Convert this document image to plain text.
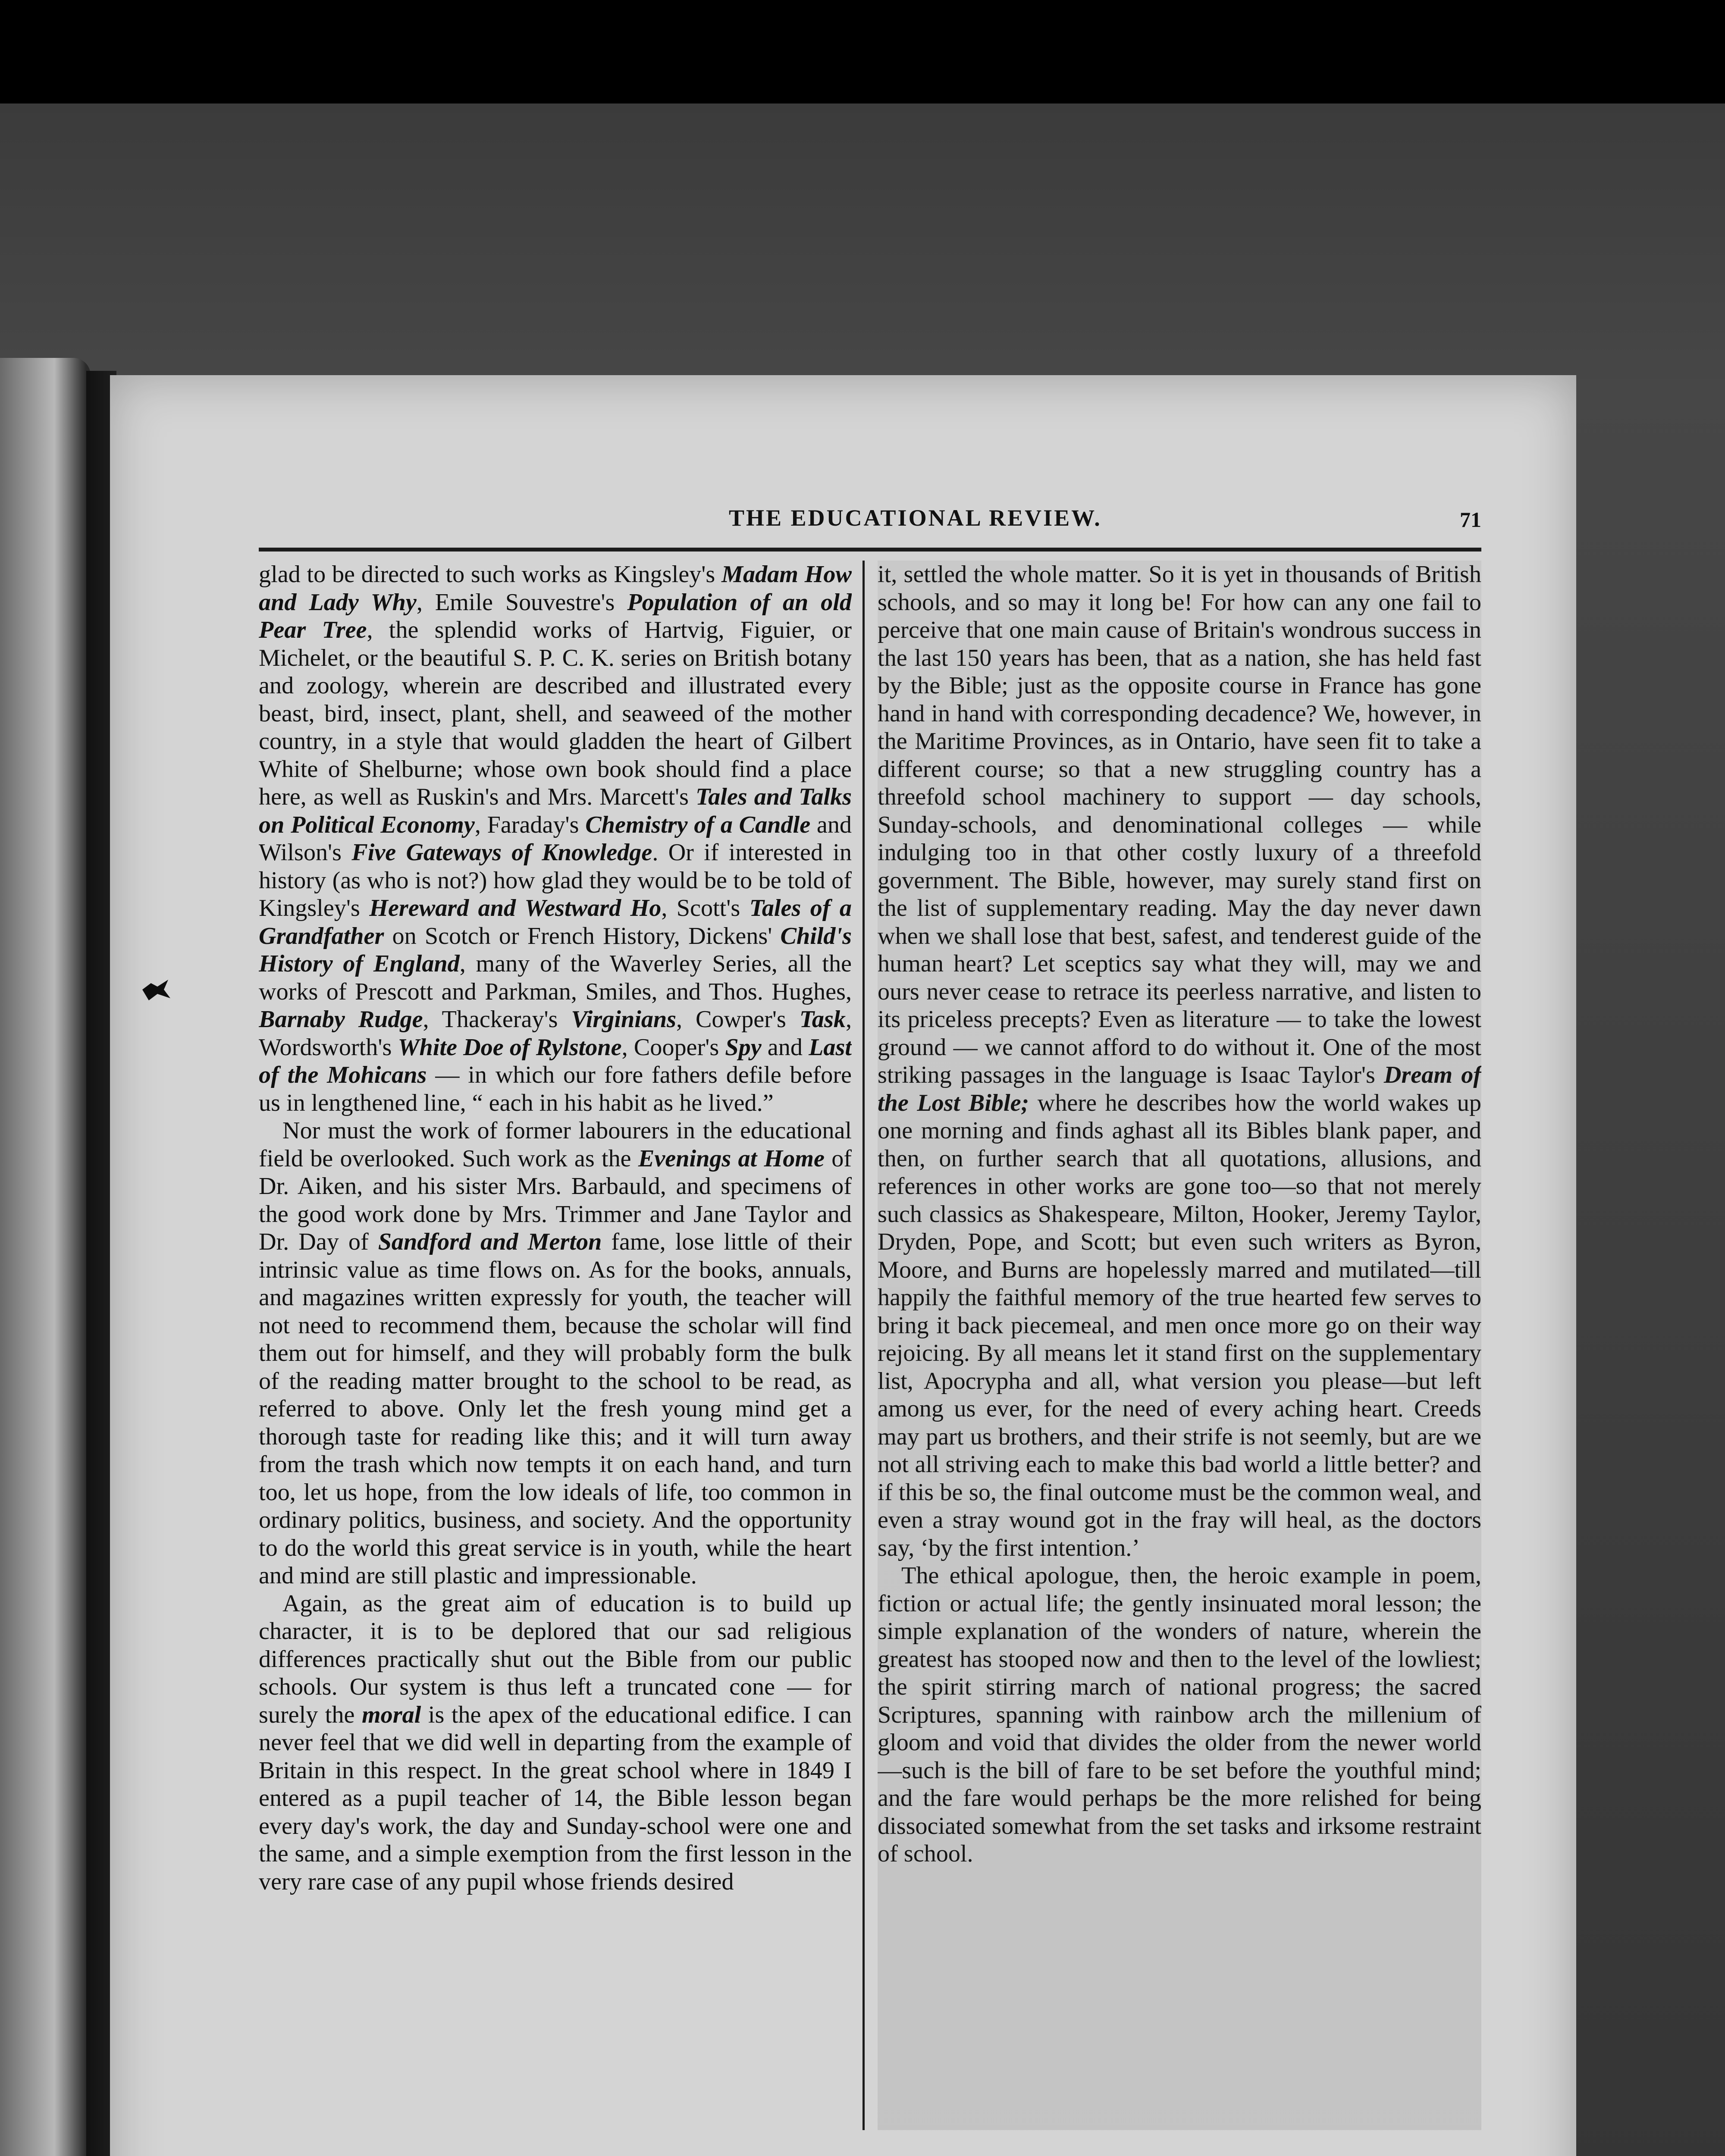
THE EDUCATIONAL REVIEW.	71

glad to be directed to such works as Kingsley's Madam How and Lady Why, Emile Souvestre's Population of an old Pear Tree, the splendid works of Hartvig, Figuier, or Michelet, or the beautiful S. P. C. K. series on British botany and zoology, wherein are described and illustrated every beast, bird, insect, plant, shell, and seaweed of the mother country, in a style that would gladden the heart of Gilbert White of Shelburne; whose own book should find a place here, as well as Ruskin's and Mrs. Marcett's Tales and Talks on Political Economy, Faraday's Chemistry of a Candle and Wilson's Five Gateways of Knowledge. Or if interested in history (as who is not?) how glad they would be to be told of Kingsley's Hereward and Westward Ho, Scott's Tales of a Grandfather on Scotch or French History, Dickens' Child's History of England, many of the Waverley Series, all the works of Prescott and Parkman, Smiles, and Thos. Hughes, Barnaby Rudge, Thackeray's Virginians, Cowper's Task, Wordsworth's White Doe of Rylstone, Cooper's Spy and Last of the Mohicans — in which our fore fathers defile before us in lengthened line, “ each in his habit as he lived.”

Nor must the work of former labourers in the educational field be overlooked. Such work as the Evenings at Home of Dr. Aiken, and his sister Mrs. Barbauld, and specimens of the good work done by Mrs. Trimmer and Jane Taylor and Dr. Day of Sandford and Merton fame, lose little of their intrinsic value as time flows on. As for the books, annuals, and magazines written expressly for youth, the teacher will not need to recommend them, because the scholar will find them out for himself, and they will probably form the bulk of the reading matter brought to the school to be read, as referred to above. Only let the fresh young mind get a thorough taste for reading like this; and it will turn away from the trash which now tempts it on each hand, and turn too, let us hope, from the low ideals of life, too common in ordinary politics, business, and society. And the opportunity to do the world this great service is in youth, while the heart and mind are still plastic and impressionable.

Again, as the great aim of education is to build up character, it is to be deplored that our sad religious differences practically shut out the Bible from our public schools. Our system is thus left a truncated cone — for surely the moral is the apex of the educational edifice. I can never feel that we did well in departing from the example of Britain in this respect. In the great school where in 1849 I entered as a pupil teacher of 14, the Bible lesson began every day's work, the day and Sunday-school were one and the same, and a simple exemption from the first lesson in the very rare case of any pupil whose friends desired

it, settled the whole matter. So it is yet in thousands of British schools, and so may it long be! For how can any one fail to perceive that one main cause of Britain's wondrous success in the last 150 years has been, that as a nation, she has held fast by the Bible; just as the opposite course in France has gone hand in hand with corresponding decadence? We, however, in the Maritime Provinces, as in Ontario, have seen fit to take a different course; so that a new struggling country has a threefold school machinery to support — day schools, Sunday-schools, and denominational colleges — while indulging too in that other costly luxury of a threefold government. The Bible, however, may surely stand first on the list of supplementary reading. May the day never dawn when we shall lose that best, safest, and tenderest guide of the human heart? Let sceptics say what they will, may we and ours never cease to retrace its peerless narrative, and listen to its priceless precepts? Even as literature — to take the lowest ground — we cannot afford to do without it. One of the most striking passages in the language is Isaac Taylor's Dream of the Lost Bible; where he describes how the world wakes up one morning and finds aghast all its Bibles blank paper, and then, on further search that all quotations, allusions, and references in other works are gone too—so that not merely such classics as Shakespeare, Milton, Hooker, Jeremy Taylor, Dryden, Pope, and Scott; but even such writers as Byron, Moore, and Burns are hopelessly marred and mutilated—till happily the faithful memory of the true hearted few serves to bring it back piecemeal, and men once more go on their way rejoicing. By all means let it stand first on the supplementary list, Apocrypha and all, what version you please—but left among us ever, for the need of every aching heart. Creeds may part us brothers, and their strife is not seemly, but are we not all striving each to make this bad world a little better? and if this be so, the final outcome must be the common weal, and even a stray wound got in the fray will heal, as the doctors say, ‘by the first intention.’

The ethical apologue, then, the heroic example in poem, fiction or actual life; the gently insinuated moral lesson; the simple explanation of the wonders of nature, wherein the greatest has stooped now and then to the level of the lowliest; the spirit stirring march of national progress; the sacred Scriptures, spanning with rainbow arch the millenium of gloom and void that divides the older from the newer world —such is the bill of fare to be set before the youthful mind; and the fare would perhaps be the more relished for being dissociated somewhat from the set tasks and irksome restraint of school.
